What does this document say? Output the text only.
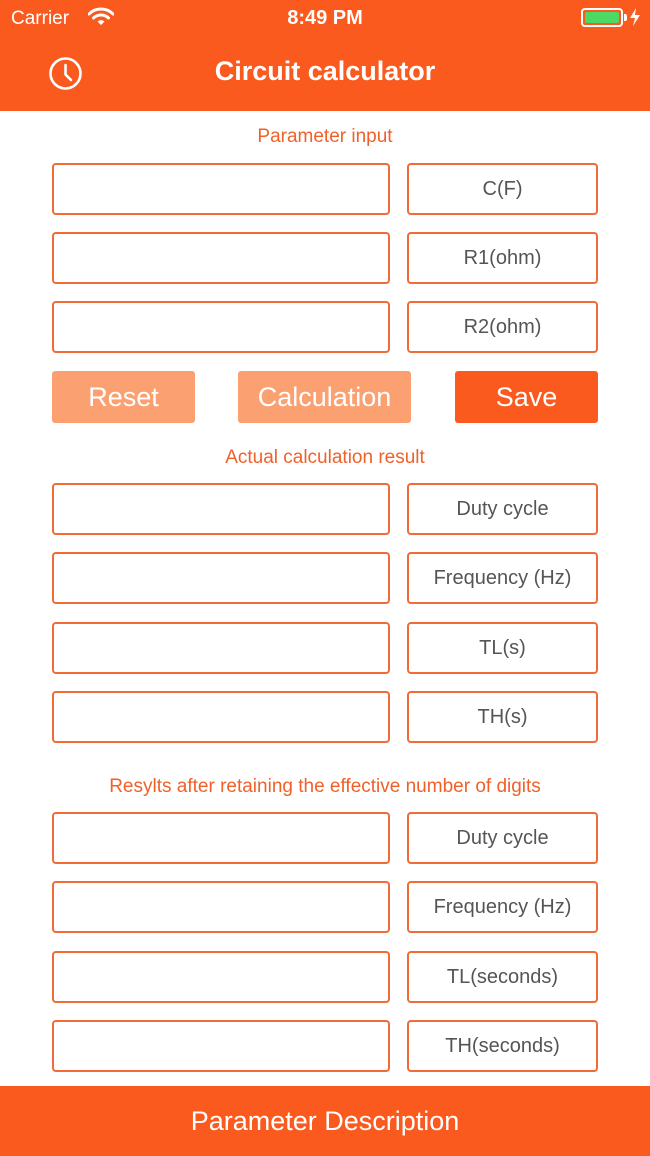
Carrier	8:49 PM
Circuit calculator
Parameter input
C(F)
R1(ohm)
R2(ohm)
Reset	Calculation	Save
Actual calculation result
Duty cycle
Frequency (Hz)
TL(s)
TH(s)
Resylts after retaining the effective number of digits
Duty cycle
Frequency (Hz)
TL(seconds)
TH(seconds)
Parameter Description
